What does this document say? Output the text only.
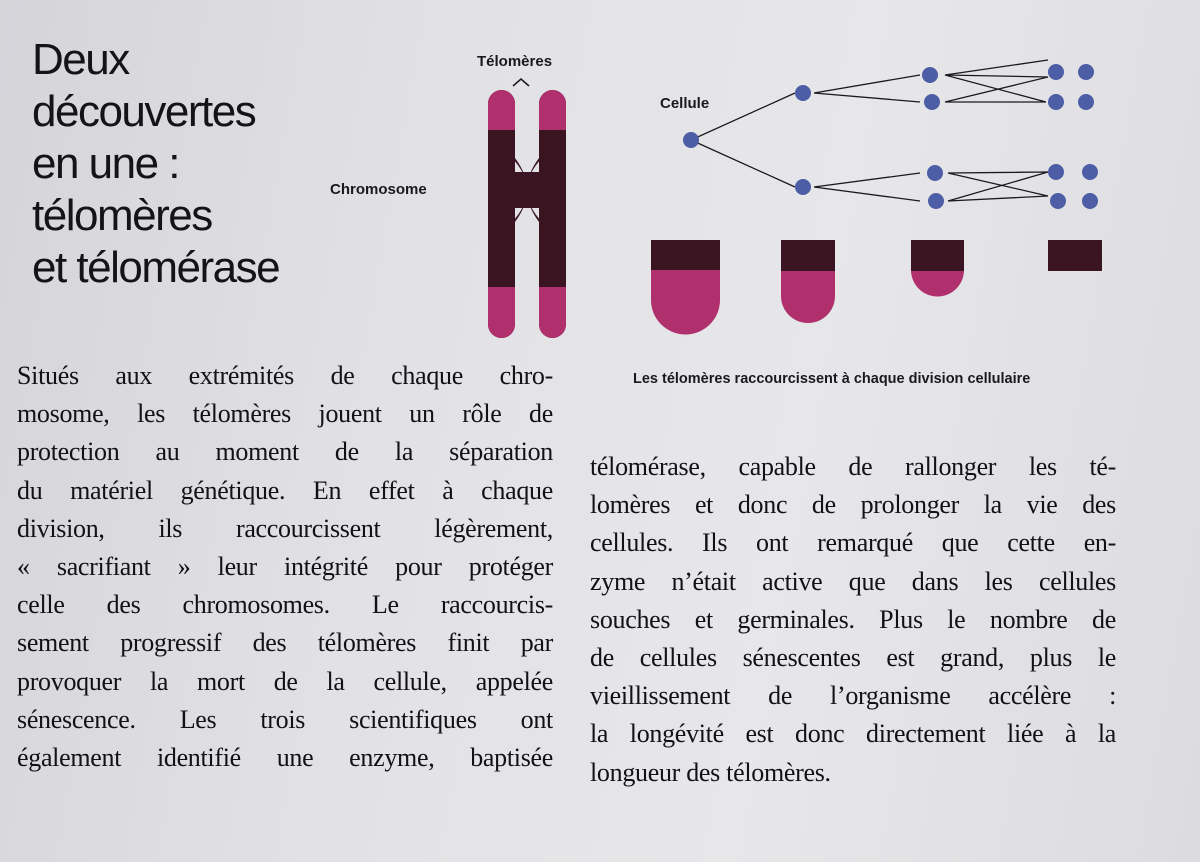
Deux
découvertes
en une :
télomères
et télomérase
Télomères
Chromosome
Cellule
Les télomères raccourcissent à chaque division cellulaire
Situés aux extrémités de chaque chro-
mosome, les télomères jouent un rôle de
protection au moment de la séparation
du matériel génétique. En effet à chaque
division, ils raccourcissent légèrement,
« sacrifiant » leur intégrité pour protéger
celle des chromosomes. Le raccourcis-
sement progressif des télomères finit par
provoquer la mort de la cellule, appelée
sénescence. Les trois scientifiques ont
également identifié une enzyme, baptisée
télomérase, capable de rallonger les té-
lomères et donc de prolonger la vie des
cellules. Ils ont remarqué que cette en-
zyme n’était active que dans les cellules
souches et germinales. Plus le nombre de
de cellules sénescentes est grand, plus le
vieillissement de l’organisme accélère :
la longévité est donc directement liée à la
longueur des télomères.
